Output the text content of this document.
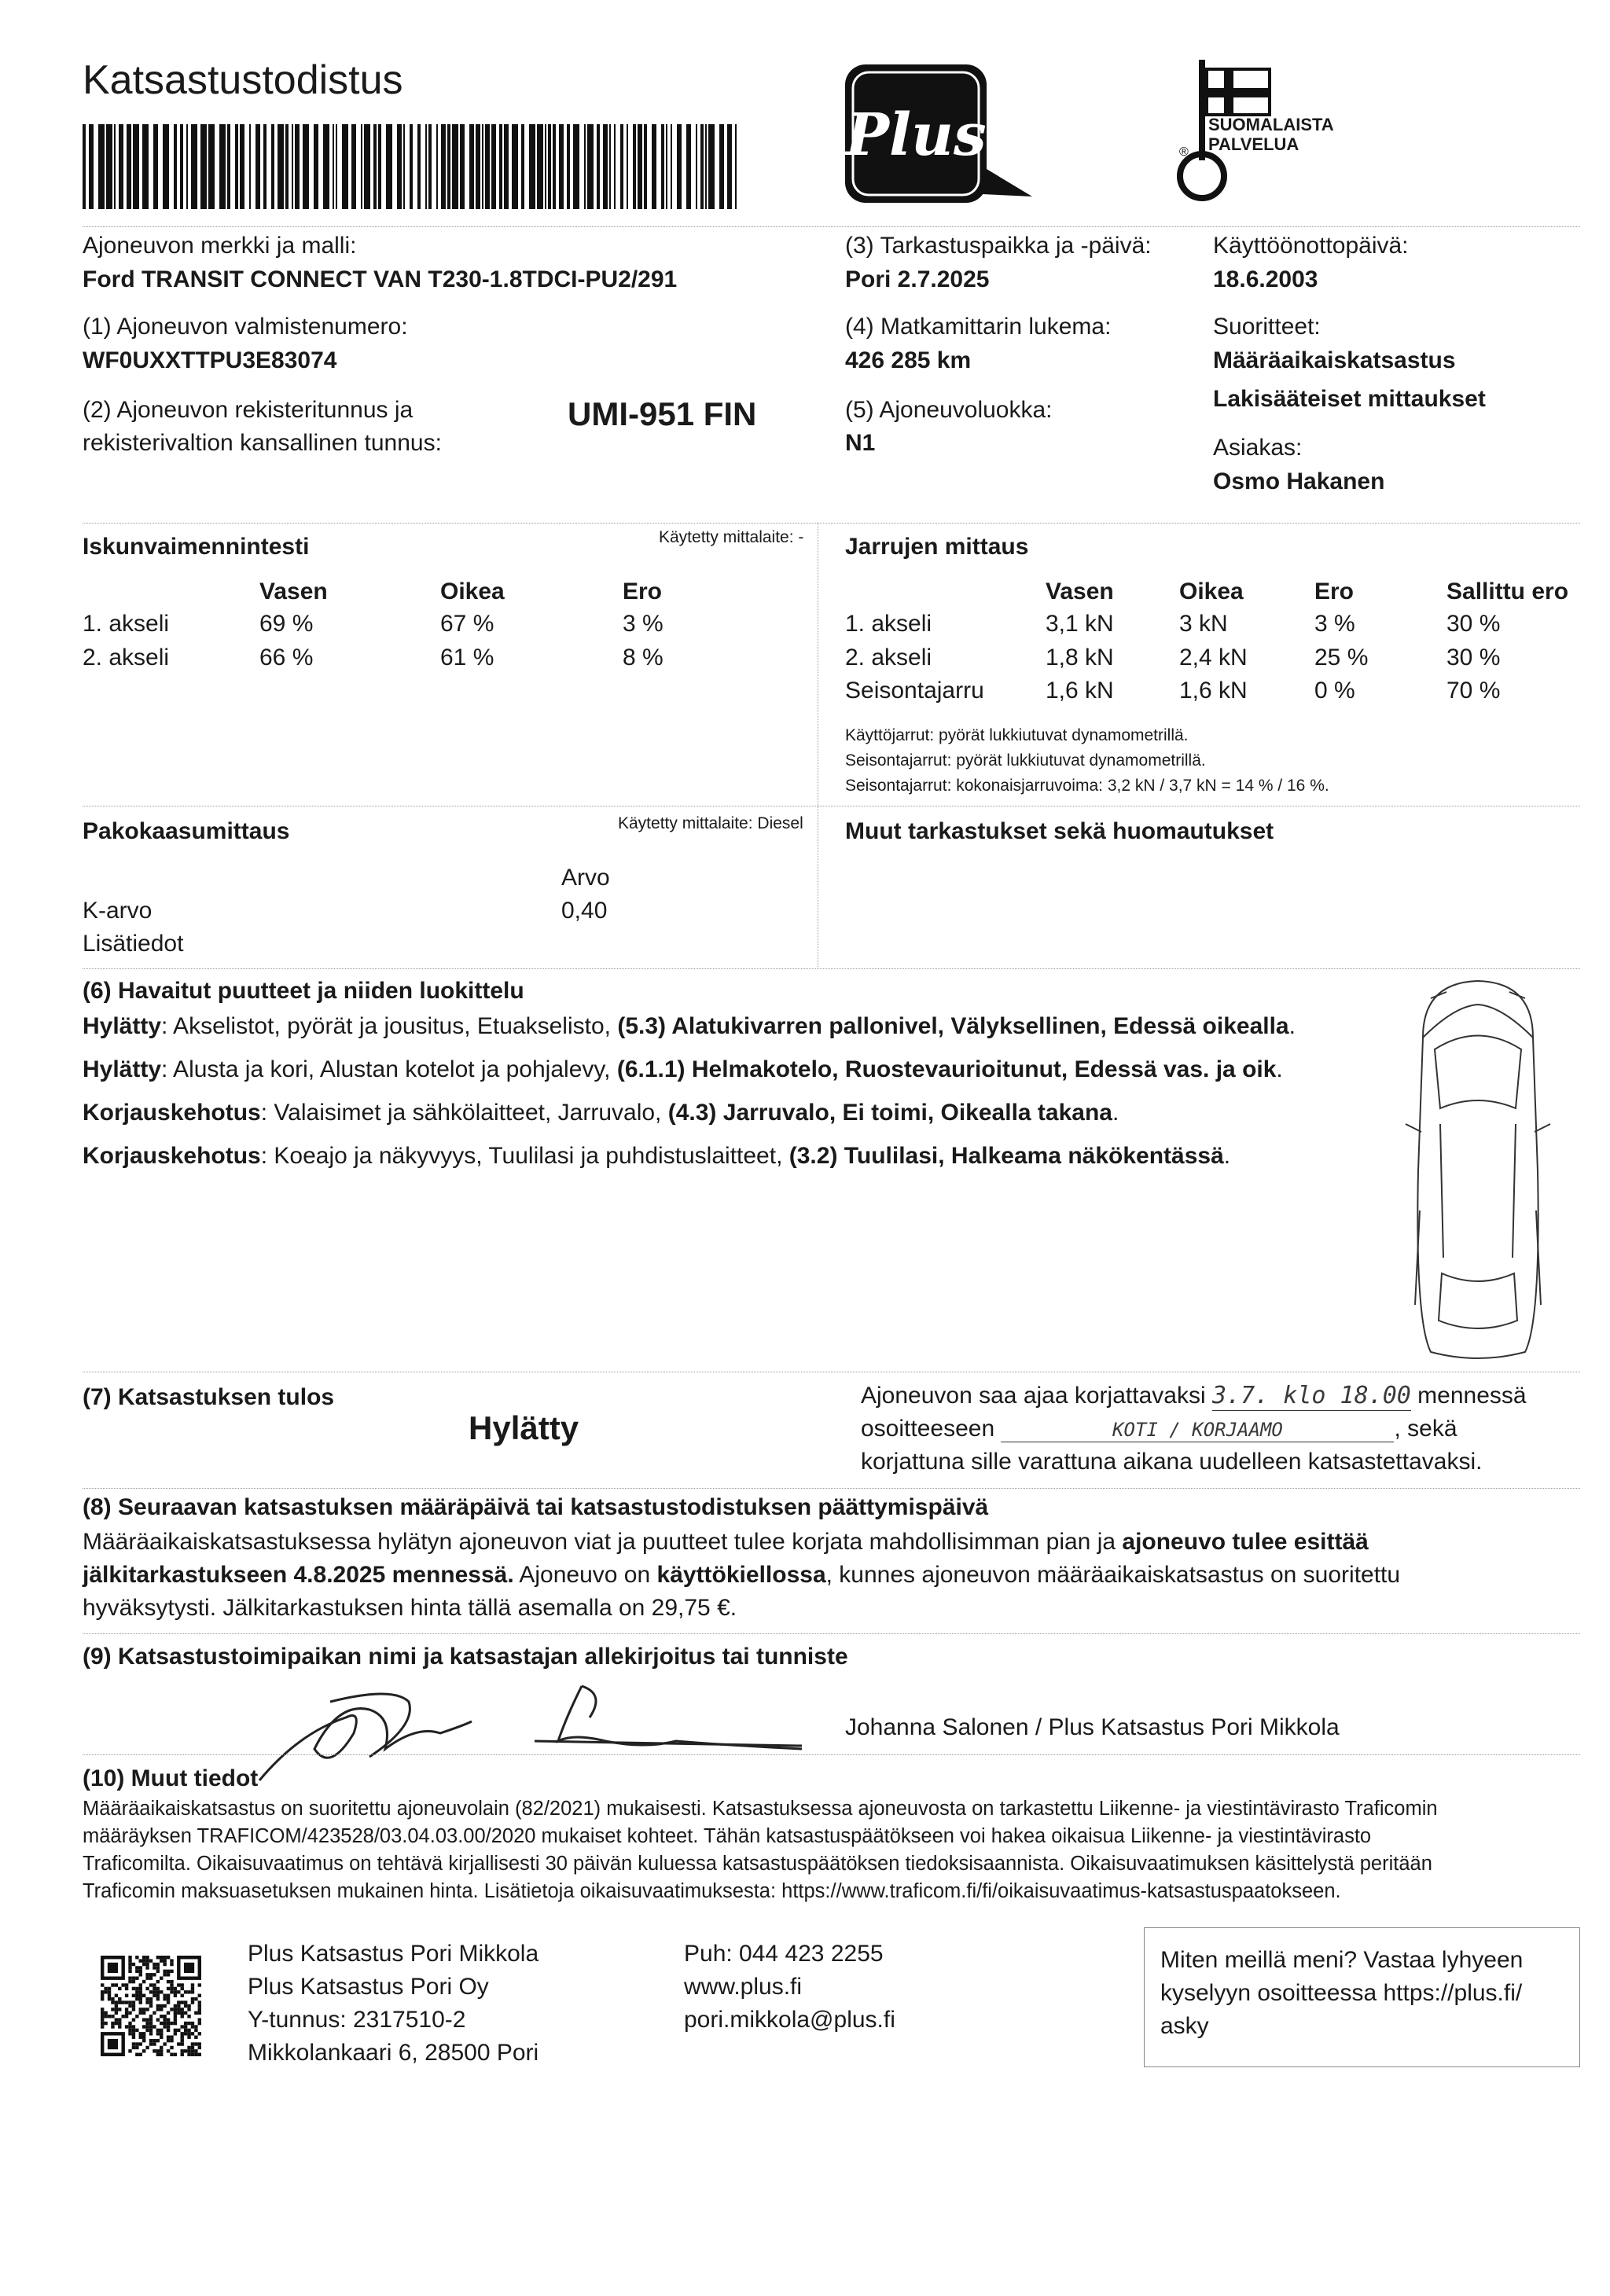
Katsastustodistus
Plus	®
SUOMALAISTA
PALVELUA
Ajoneuvon merkki ja malli:
Ford TRANSIT CONNECT VAN T230-1.8TDCI-PU2/291
(1) Ajoneuvon valmistenumero:
WF0UXXTTPU3E83074
(2) Ajoneuvon rekisteritunnus ja
rekisterivaltion kansallinen tunnus:
UMI-951 FIN
(3) Tarkastuspaikka ja -päivä:
Pori 2.7.2025
(4) Matkamittarin lukema:
426 285 km
(5) Ajoneuvoluokka:
N1
Käyttöönottopäivä:
18.6.2003
Suoritteet:
Määräaikaiskatsastus
Lakisääteiset mittaukset
Asiakas:
Osmo Hakanen
Iskunvaimennintesti	Käytetty mittalaite: -
Vasen	Oikea	Ero
1. akseli	69 %	67 %	3 %
2. akseli	66 %	61 %	8 %
Jarrujen mittaus
Vasen	Oikea	Ero	Sallittu ero
1. akseli	3,1 kN	3 kN	3 %	30 %
2. akseli	1,8 kN	2,4 kN	25 %	30 %
Seisontajarru	1,6 kN	1,6 kN	0 %	70 %
Käyttöjarrut: pyörät lukkiutuvat dynamometrillä.
Seisontajarrut: pyörät lukkiutuvat dynamometrillä.
Seisontajarrut: kokonaisjarruvoima: 3,2 kN / 3,7 kN = 14 % / 16 %.
Pakokaasumittaus	Käytetty mittalaite: Diesel
Arvo
K-arvo	0,40
Lisätiedot
Muut tarkastukset sekä huomautukset
(6) Havaitut puutteet ja niiden luokittelu
Hylätty: Akselistot, pyörät ja jousitus, Etuakselisto, (5.3) Alatukivarren pallonivel, Välyksellinen, Edessä oikealla.
Hylätty: Alusta ja kori, Alustan kotelot ja pohjalevy, (6.1.1) Helmakotelo, Ruostevaurioitunut, Edessä vas. ja oik.
Korjauskehotus: Valaisimet ja sähkölaitteet, Jarruvalo, (4.3) Jarruvalo, Ei toimi, Oikealla takana.
Korjauskehotus: Koeajo ja näkyvyys, Tuulilasi ja puhdistuslaitteet, (3.2) Tuulilasi, Halkeama näkökentässä.
(7) Katsastuksen tulos
Hylätty
Ajoneuvon saa ajaa korjattavaksi 3.7. klo 18.00 mennessä
osoitteeseen	KOTI / KORJAAMO	, sekä
korjattuna sille varattuna aikana uudelleen katsastettavaksi.
(8) Seuraavan katsastuksen määräpäivä tai katsastustodistuksen päättymispäivä
Määräaikaiskatsastuksessa hylätyn ajoneuvon viat ja puutteet tulee korjata mahdollisimman pian ja ajoneuvo tulee esittää
jälkitarkastukseen 4.8.2025 mennessä. Ajoneuvo on käyttökiellossa, kunnes ajoneuvon määräaikaiskatsastus on suoritettu
hyväksytysti. Jälkitarkastuksen hinta tällä asemalla on 29,75 €.
(9) Katsastustoimipaikan nimi ja katsastajan allekirjoitus tai tunniste
Johanna Salonen / Plus Katsastus Pori Mikkola
(10) Muut tiedot
Määräaikaiskatsastus on suoritettu ajoneuvolain (82/2021) mukaisesti. Katsastuksessa ajoneuvosta on tarkastettu Liikenne- ja viestintävirasto Traficomin
määräyksen TRAFICOM/423528/03.04.03.00/2020 mukaiset kohteet. Tähän katsastuspäätökseen voi hakea oikaisua Liikenne- ja viestintävirasto
Traficomilta. Oikaisuvaatimus on tehtävä kirjallisesti 30 päivän kuluessa katsastuspäätöksen tiedoksisaannista. Oikaisuvaatimuksen käsittelystä peritään
Traficomin maksuasetuksen mukainen hinta. Lisätietoja oikaisuvaatimuksesta: https://www.traficom.fi/fi/oikaisuvaatimus-katsastuspaatokseen.
Plus Katsastus Pori Mikkola
Plus Katsastus Pori Oy
Y-tunnus: 2317510-2
Mikkolankaari 6, 28500 Pori
Puh: 044 423 2255
www.plus.fi
pori.mikkola@plus.fi
Miten meillä meni? Vastaa lyhyeen
kyselyyn osoitteessa https://plus.fi/
asky
